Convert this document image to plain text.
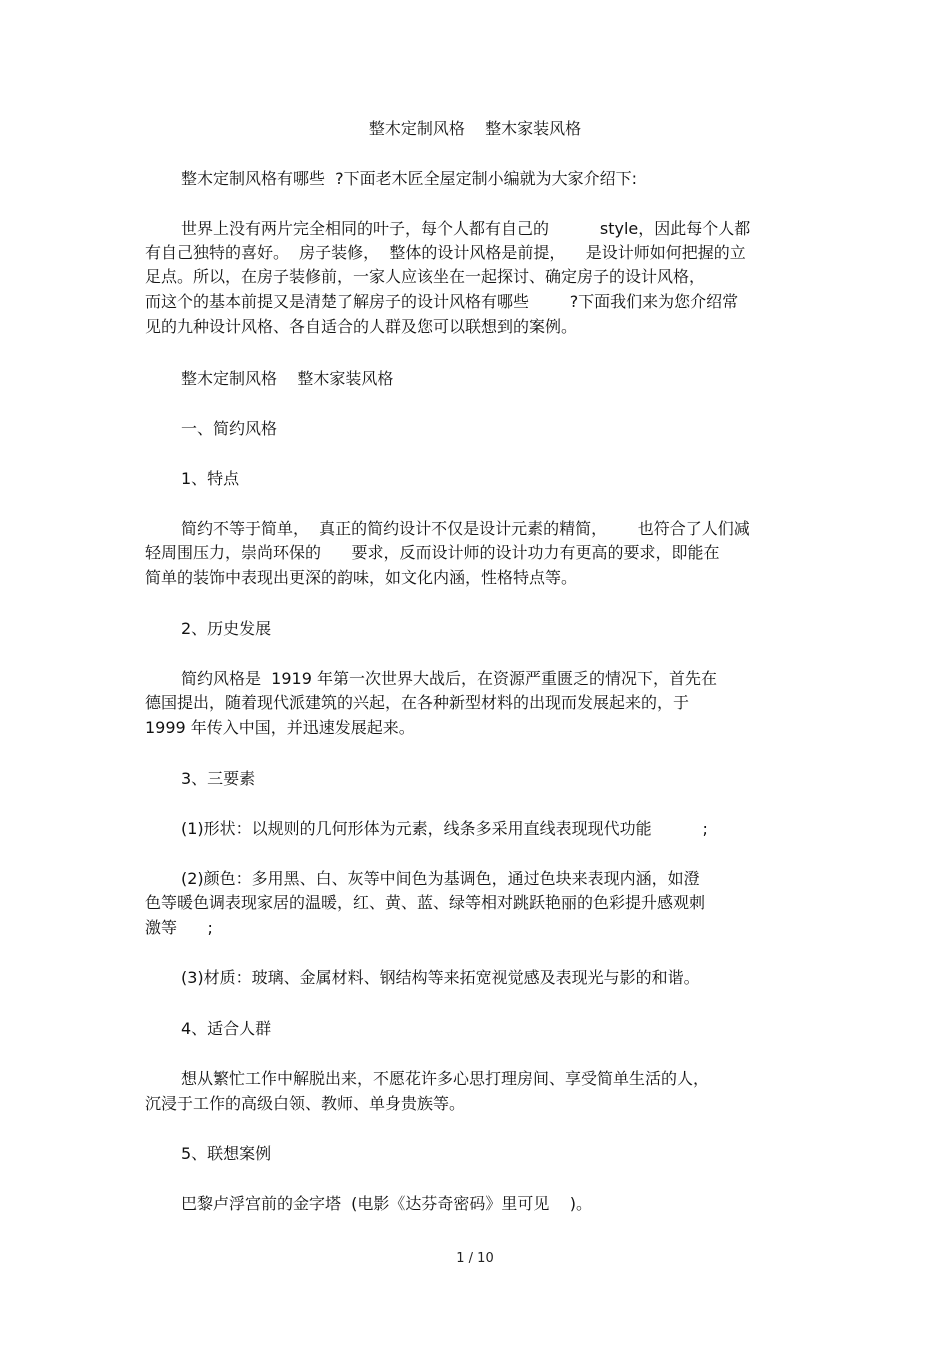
整木定制风格    整木家装风格
整木定制风格有哪些  ?下面老木匠全屋定制小编就为大家介绍下:
世界上没有两片完全相同的叶子，每个人都有自己的          style，因此每个人都
有自己独特的喜好。  房子装修，  整体的设计风格是前提，    是设计师如何把握的立
足点。所以，在房子装修前，一家人应该坐在一起探讨、确定房子的设计风格，
而这个的基本前提又是清楚了解房子的设计风格有哪些        ?下面我们来为您介绍常
见的九种设计风格、各自适合的人群及您可以联想到的案例。
整木定制风格    整木家装风格
一、简约风格
1、特点
简约不等于简单，  真正的简约设计不仅是设计元素的精简，      也符合了人们减
轻周围压力，崇尚环保的      要求，反而设计师的设计功力有更高的要求，即能在
简单的装饰中表现出更深的韵味，如文化内涵，性格特点等。
2、历史发展
简约风格是  1919 年第一次世界大战后，在资源严重匮乏的情况下，首先在
德国提出，随着现代派建筑的兴起，在各种新型材料的出现而发展起来的，于
1999 年传入中国，并迅速发展起来。
3、三要素
(1)形状：以规则的几何形体为元素，线条多采用直线表现现代功能          ;
(2)颜色：多用黑、白、灰等中间色为基调色，通过色块来表现内涵，如澄
色等暖色调表现家居的温暖，红、黄、蓝、绿等相对跳跃艳丽的色彩提升感观刺
激等      ;
(3)材质：玻璃、金属材料、钢结构等来拓宽视觉感及表现光与影的和谐。
4、适合人群
想从繁忙工作中解脱出来，不愿花许多心思打理房间、享受简单生活的人，
沉浸于工作的高级白领、教师、单身贵族等。
5、联想案例
巴黎卢浮宫前的金字塔  (电影《达芬奇密码》里可见    )。
1 / 10
